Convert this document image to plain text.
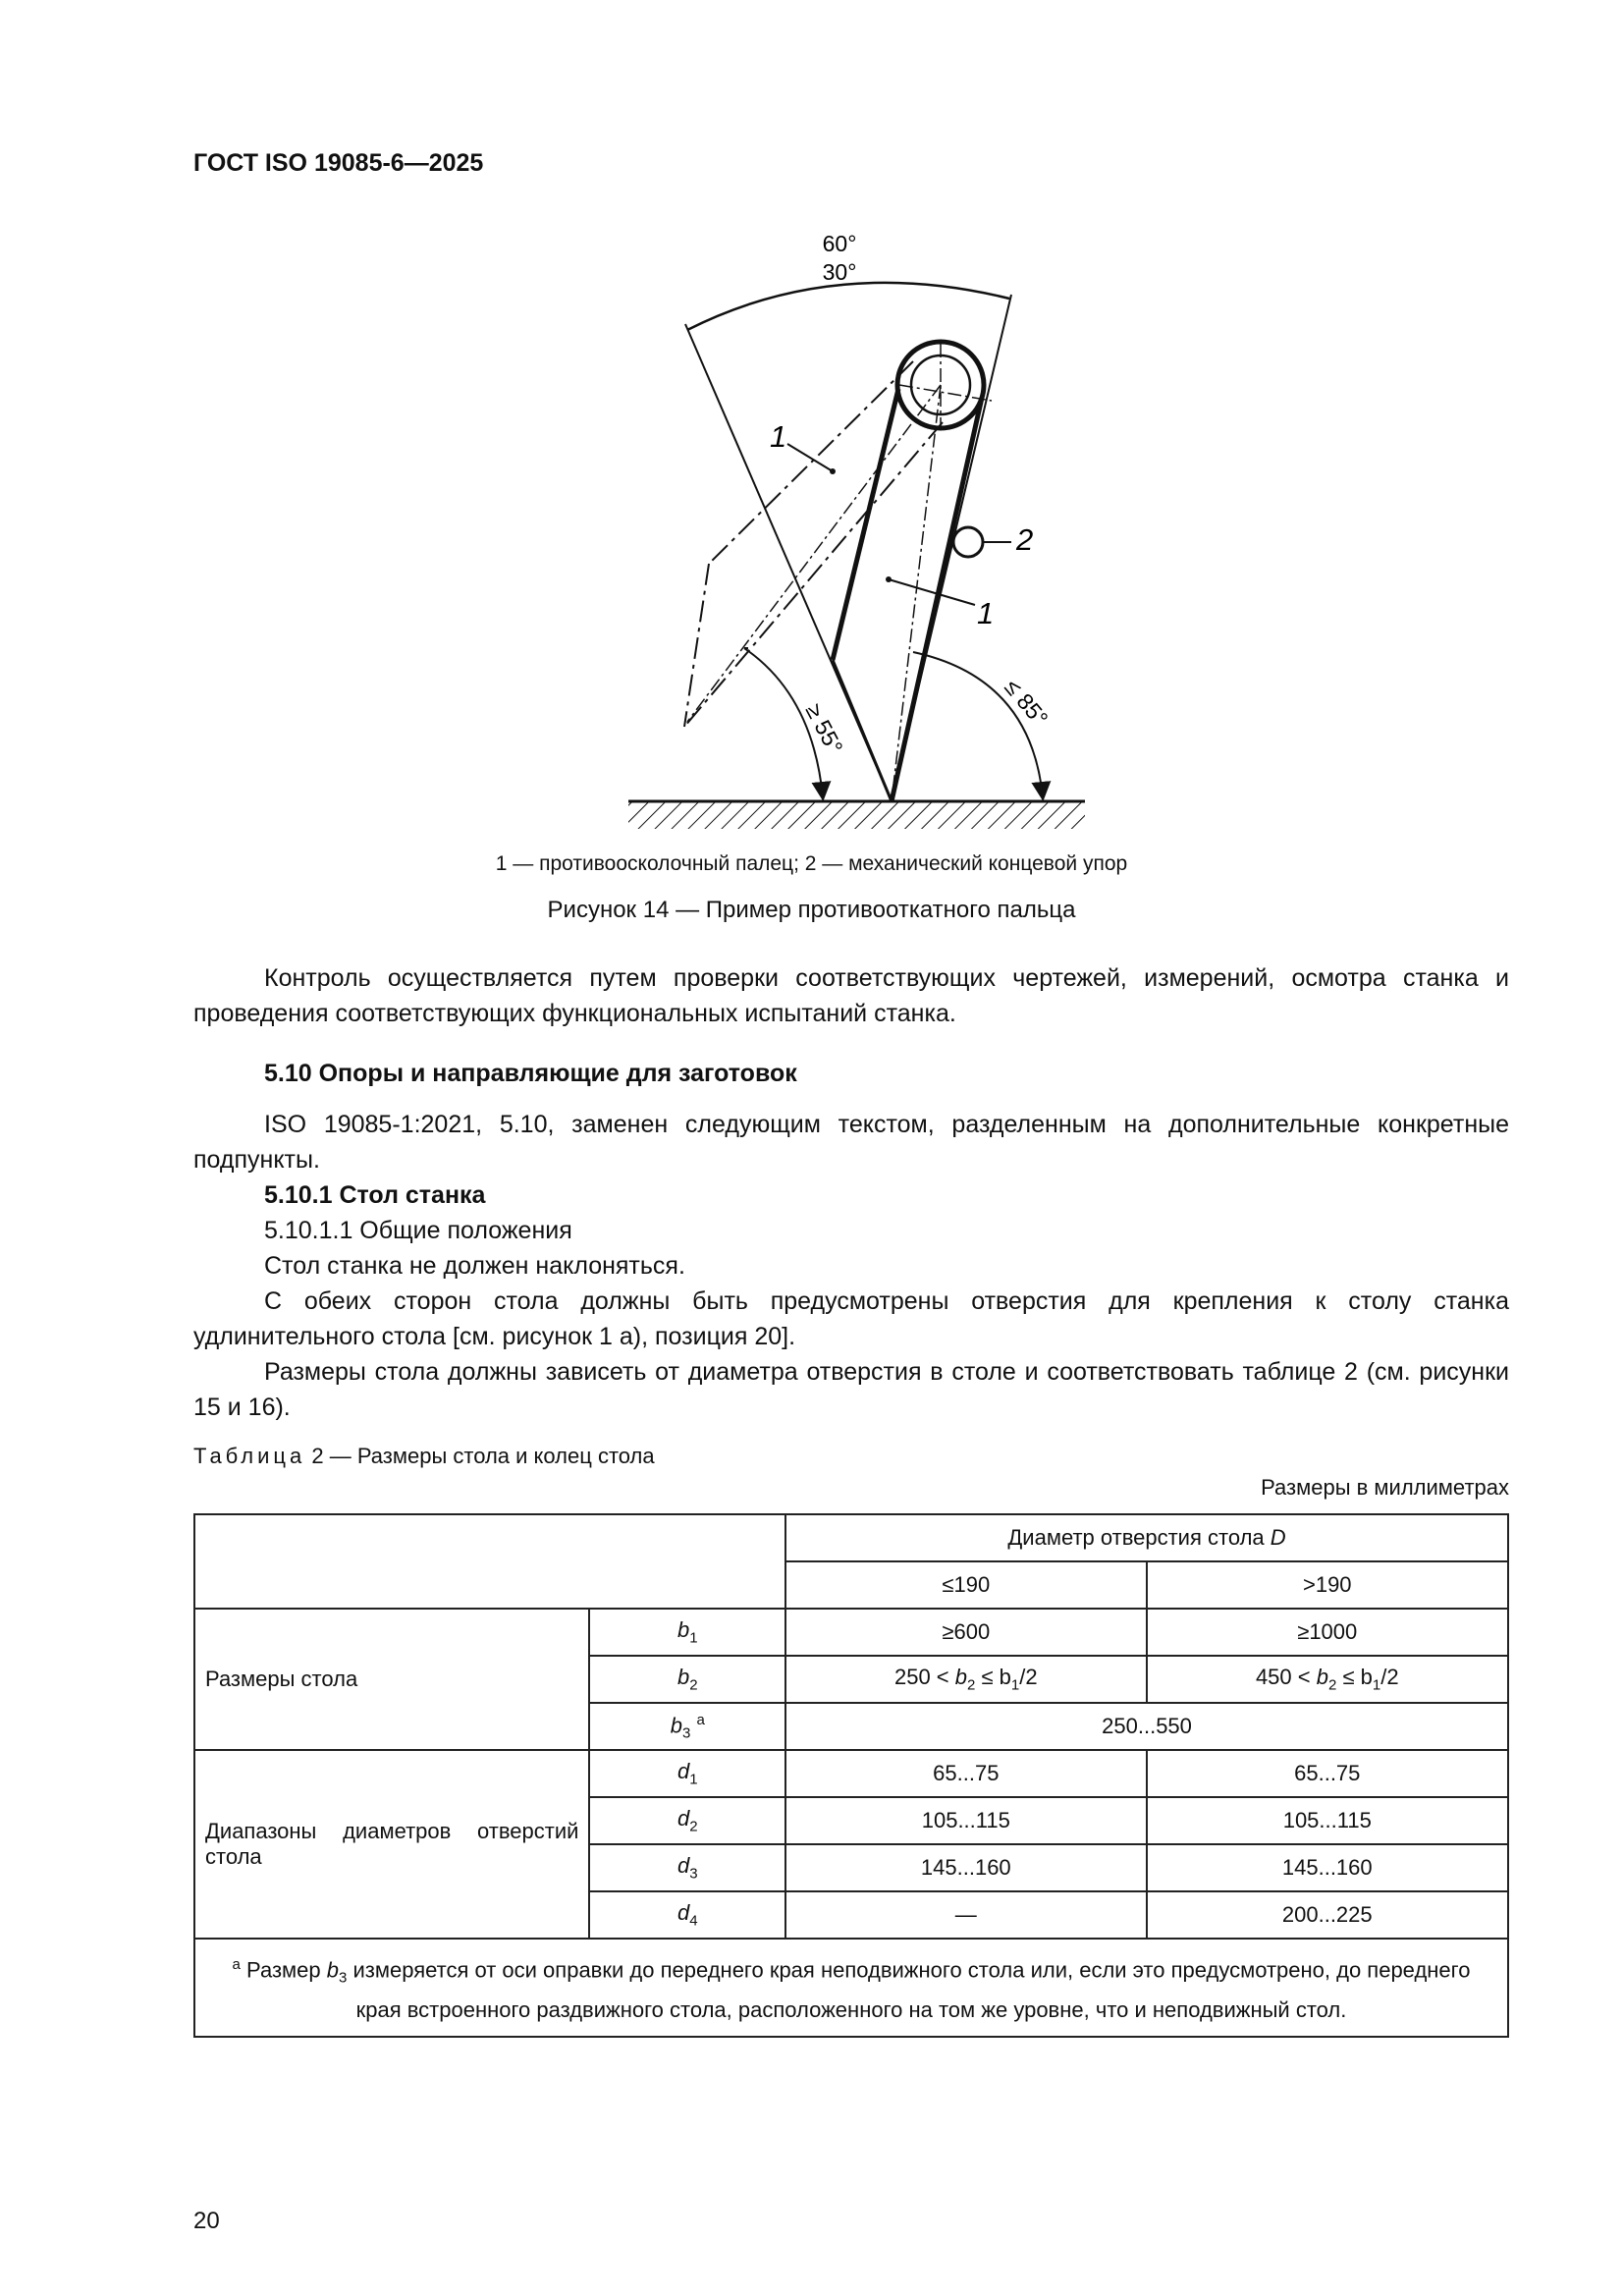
ГОСТ ISO 19085-6—2025
60°
30°
1
2
1
≥ 55°	≤ 85°
1 — противоосколочный палец; 2 — механический концевой упор
Рисунок 14 — Пример противооткатного пальца
Контроль осуществляется путем проверки соответствующих чертежей, измерений, осмотра станка и проведения соответствующих функциональных испытаний станка.
5.10 Опоры и направляющие для заготовок
ISO 19085-1:2021, 5.10, заменен следующим текстом, разделенным на дополнительные конкретные подпункты.
5.10.1 Стол станка
5.10.1.1 Общие положения
Стол станка не должен наклоняться.
С обеих сторон стола должны быть предусмотрены отверстия для крепления к столу станка удлинительного стола [см. рисунок 1 а), позиция 20].
Размеры стола должны зависеть от диаметра отверстия в столе и соответствовать таблице 2 (см. рисунки 15 и 16).
Таблица 2 — Размеры стола и колец стола
Размеры в миллиметрах
		Диаметр отверстия стола D	
		≤190	>190
Размеры стола	$b_1$	≥600	≥1000
	$b_2$	$250 < b_2 \le b_1/2$	$450 < b_2 \le b_1/2$
	$b_3$ $^a$	250...550	
Диапазоны диаметров отверстий стола	$d_1$	65...75	65...75
	$d_2$	105...115	105...115
	$d_3$	145...160	145...160
	$d_4$	—	200...225
$^a$ Размер $b_3$ измеряется от оси оправки до переднего края неподвижного стола или, если это предусмотрено, до переднего края встроенного раздвижного стола, расположенного на том же уровне, что и неподвижный стол.			
20
